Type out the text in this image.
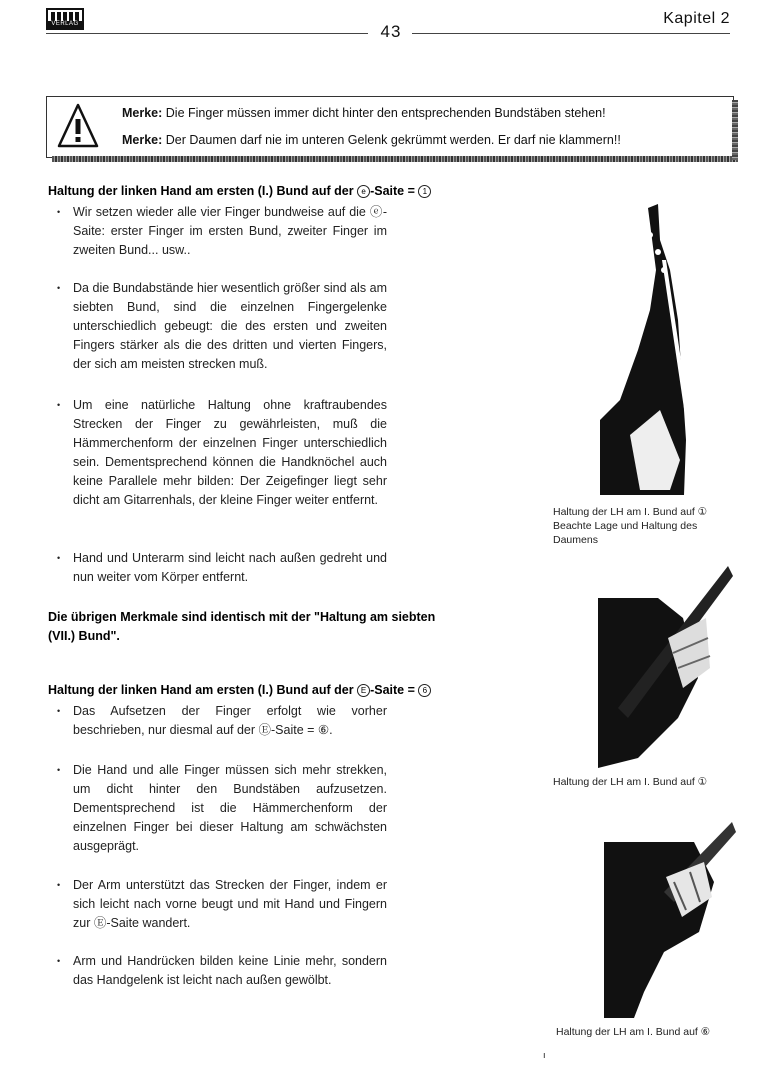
VERLAG	43
Kapitel 2
Merke: Die Finger müssen immer dicht hinter den entsprechenden Bundstäben stehen!
Merke: Der Daumen darf nie im unteren Gelenk gekrümmt werden. Er darf nie klammern!!
Haltung der linken Hand am ersten (I.) Bund auf der e -Saite = 1
• Wir setzen wieder alle vier Finger bundweise auf die ⓔ-Saite: erster Finger im ersten Bund, zweiter Finger im zweiten Bund... usw..
• Da die Bundabstände hier wesentlich größer sind als am siebten Bund, sind die einzelnen Fingergelenke unterschiedlich gebeugt: die des ersten und zweiten Fingers stärker als die des dritten und vierten Fingers, der sich am meisten strecken muß.
• Um eine natürliche Haltung ohne kraftraubendes Strecken der Finger zu gewährleisten, muß die Hämmerchenform der einzelnen Finger unterschiedlich sein. Dementsprechend können die Handknöchel auch keine Parallele mehr bilden: Der Zeigefinger liegt sehr dicht am Gitarrenhals, der kleine Finger weiter entfernt.
• Hand und Unterarm sind leicht nach außen gedreht und nun weiter vom Körper entfernt.
Die übrigen Merkmale sind identisch mit der "Haltung am siebten (VII.) Bund".
Haltung der linken Hand am ersten (I.) Bund auf der E -Saite = 6
• Das Aufsetzen der Finger erfolgt wie vorher beschrieben, nur diesmal auf der Ⓔ-Saite = ⑥.
• Die Hand und alle Finger müssen sich mehr strekken, um dicht hinter den Bundstäben aufzusetzen. Dementsprechend ist die Hämmerchenform der einzelnen Finger bei dieser Haltung am schwächsten ausgeprägt.
• Der Arm unterstützt das Strecken der Finger, indem er sich leicht nach vorne beugt und mit Hand und Fingern zur Ⓔ-Saite wandert.
• Arm und Handrücken bilden keine Linie mehr, sondern das Handgelenk ist leicht nach außen gewölbt.
Haltung der LH am I. Bund auf ①
Beachte Lage und Haltung des
Daumens
Haltung der LH am I. Bund auf ①
Haltung der LH am I. Bund auf ⑥
ı
